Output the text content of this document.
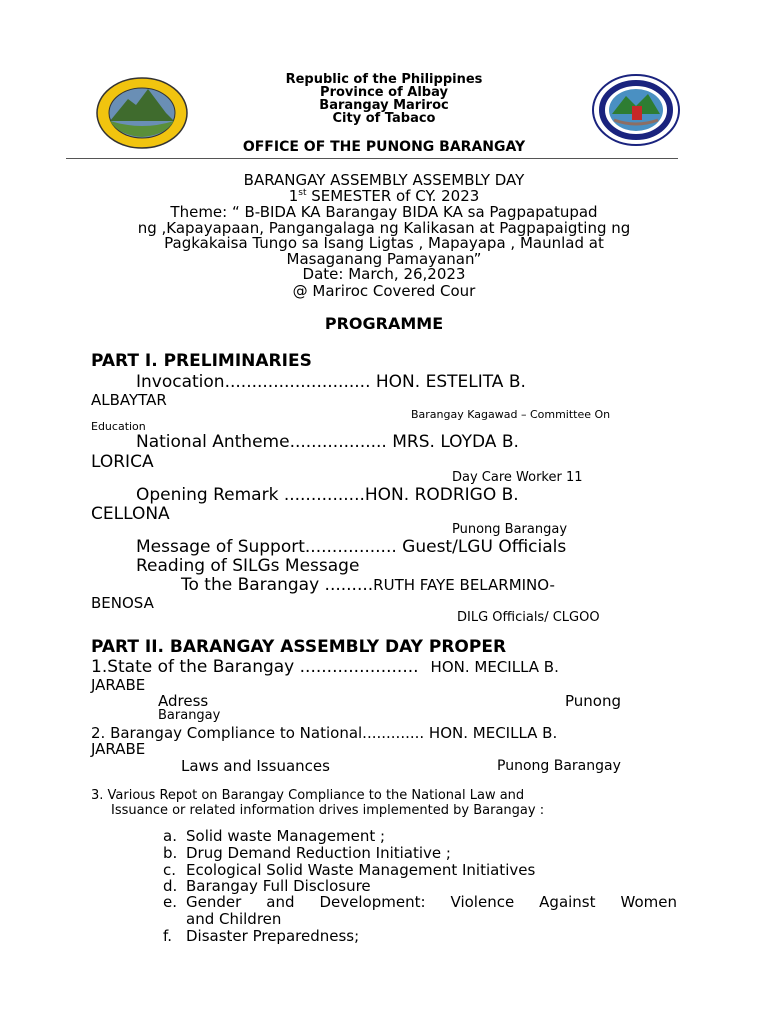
Republic of the Philippines
Province of Albay
Barangay Mariroc
City of Tabaco
OFFICE OF THE PUNONG BARANGAY
BARANGAY ASSEMBLY ASSEMBLY DAY
1st SEMESTER of CY. 2023
Theme: “ B-BIDA KA Barangay BIDA KA sa Pagpapatupad
ng ,Kapayapaan, Pangangalaga ng Kalikasan at Pagpapaigting ng
Pagkakaisa Tungo sa Isang Ligtas , Mapayapa , Maunlad at
Masaganang Pamayanan”
Date: March, 26,2023
@ Mariroc Covered Cour
PROGRAMME
PART I. PRELIMINARIES
Invocation........................... HON. ESTELITA B.
ALBAYTAR
Barangay Kagawad – Committee On
Education
National Antheme.................. MRS. LOYDA B.
LORICA
Day Care Worker 11
Opening Remark ...............HON. RODRIGO B.
CELLONA
Punong Barangay
Message of Support................. Guest/LGU Officials
Reading of SILGs Message
To the Barangay .........RUTH FAYE BELARMINO-
BENOSA
DILG Officials/ CLGOO
PART II. BARANGAY ASSEMBLY DAY PROPER
1.State of the Barangay ...................... HON. MECILLA B.
JARABE
Adress	Punong
Barangay
2. Barangay Compliance to National............. HON. MECILLA B.
JARABE
Laws and Issuances	Punong Barangay
3. Various Repot on Barangay Compliance to the National Law and
Issuance or related information drives implemented by Barangay :
a. Solid waste Management ;
b. Drug Demand Reduction Initiative ;
c. Ecological Solid Waste Management Initiatives
d. Barangay Full Disclosure
e. Gender and Development: Violence Against Women
and Children
f. Disaster Preparedness;
